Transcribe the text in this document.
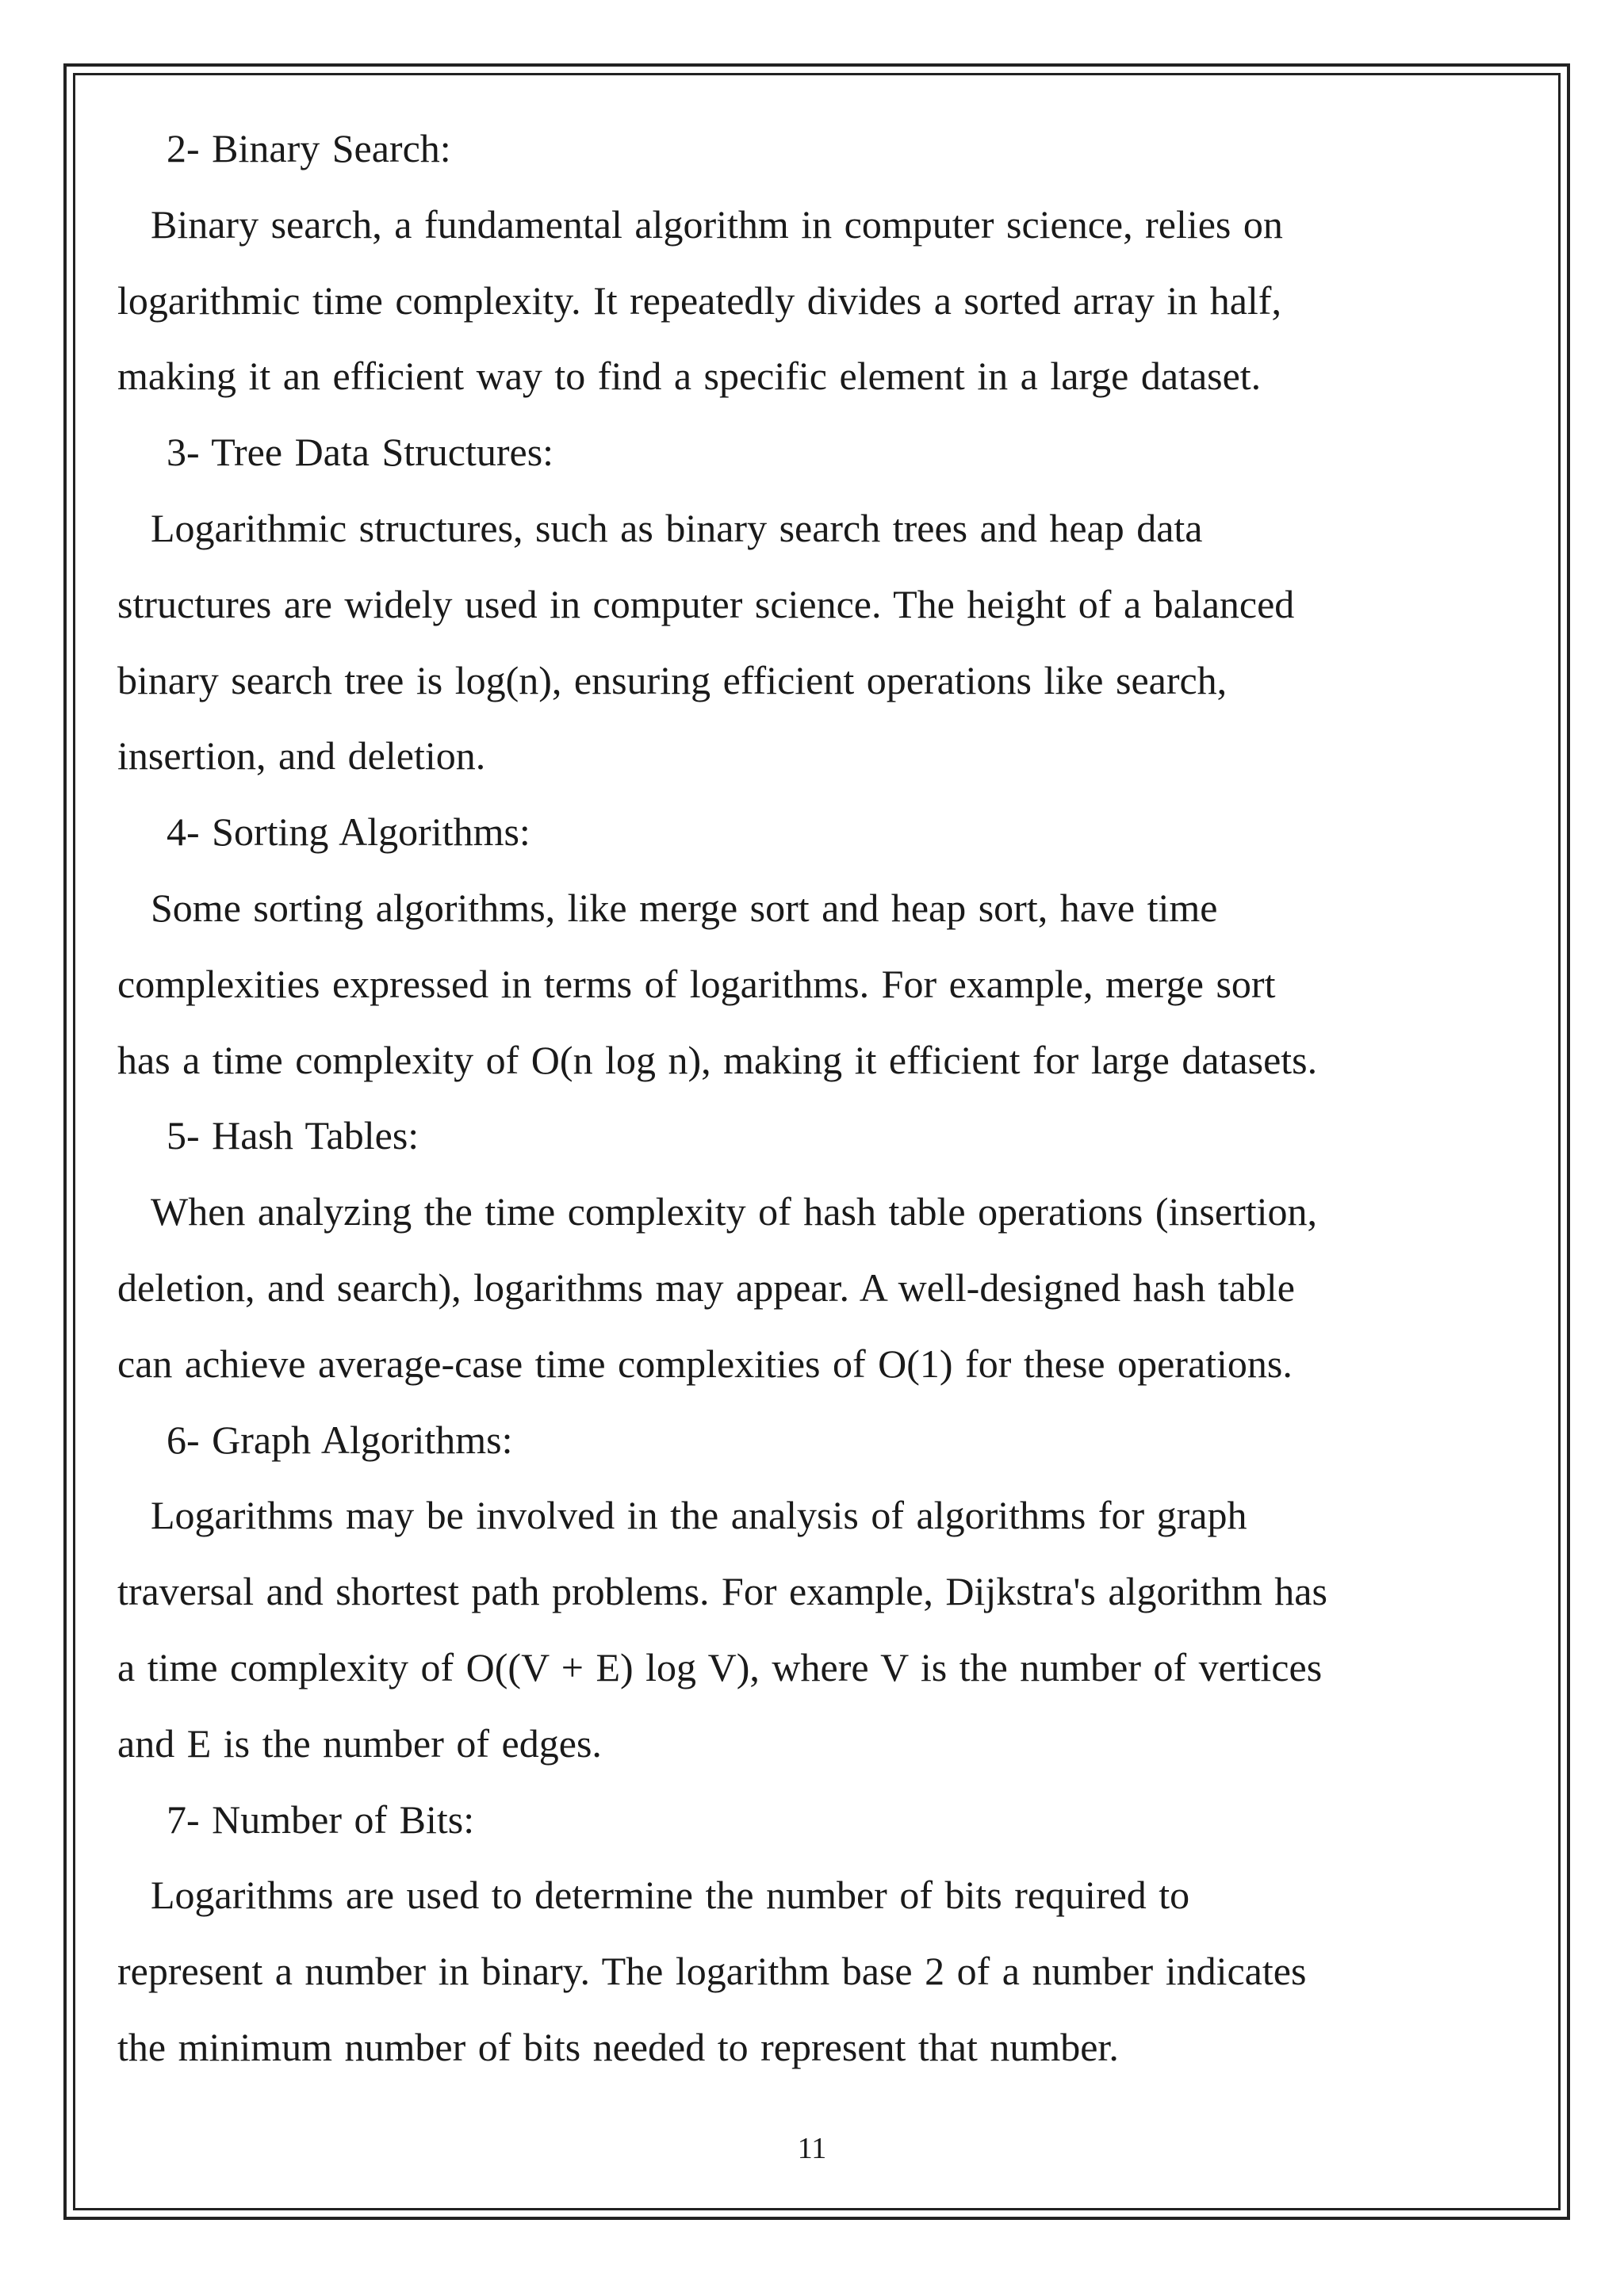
2- Binary Search:
Binary search, a fundamental algorithm in computer science, relies on
logarithmic time complexity. It repeatedly divides a sorted array in half,
making it an efficient way to find a specific element in a large dataset.
3- Tree Data Structures:
Logarithmic structures, such as binary search trees and heap data
structures are widely used in computer science. The height of a balanced
binary search tree is log(n), ensuring efficient operations like search,
insertion, and deletion.
4- Sorting Algorithms:
Some sorting algorithms, like merge sort and heap sort, have time
complexities expressed in terms of logarithms. For example, merge sort
has a time complexity of O(n log n), making it efficient for large datasets.
5- Hash Tables:
When analyzing the time complexity of hash table operations (insertion,
deletion, and search), logarithms may appear. A well-designed hash table
can achieve average-case time complexities of O(1) for these operations.
6- Graph Algorithms:
Logarithms may be involved in the analysis of algorithms for graph
traversal and shortest path problems. For example, Dijkstra's algorithm has
a time complexity of O((V + E) log V), where V is the number of vertices
and E is the number of edges.
7- Number of Bits:
Logarithms are used to determine the number of bits required to
represent a number in binary. The logarithm base 2 of a number indicates
the minimum number of bits needed to represent that number.
11
